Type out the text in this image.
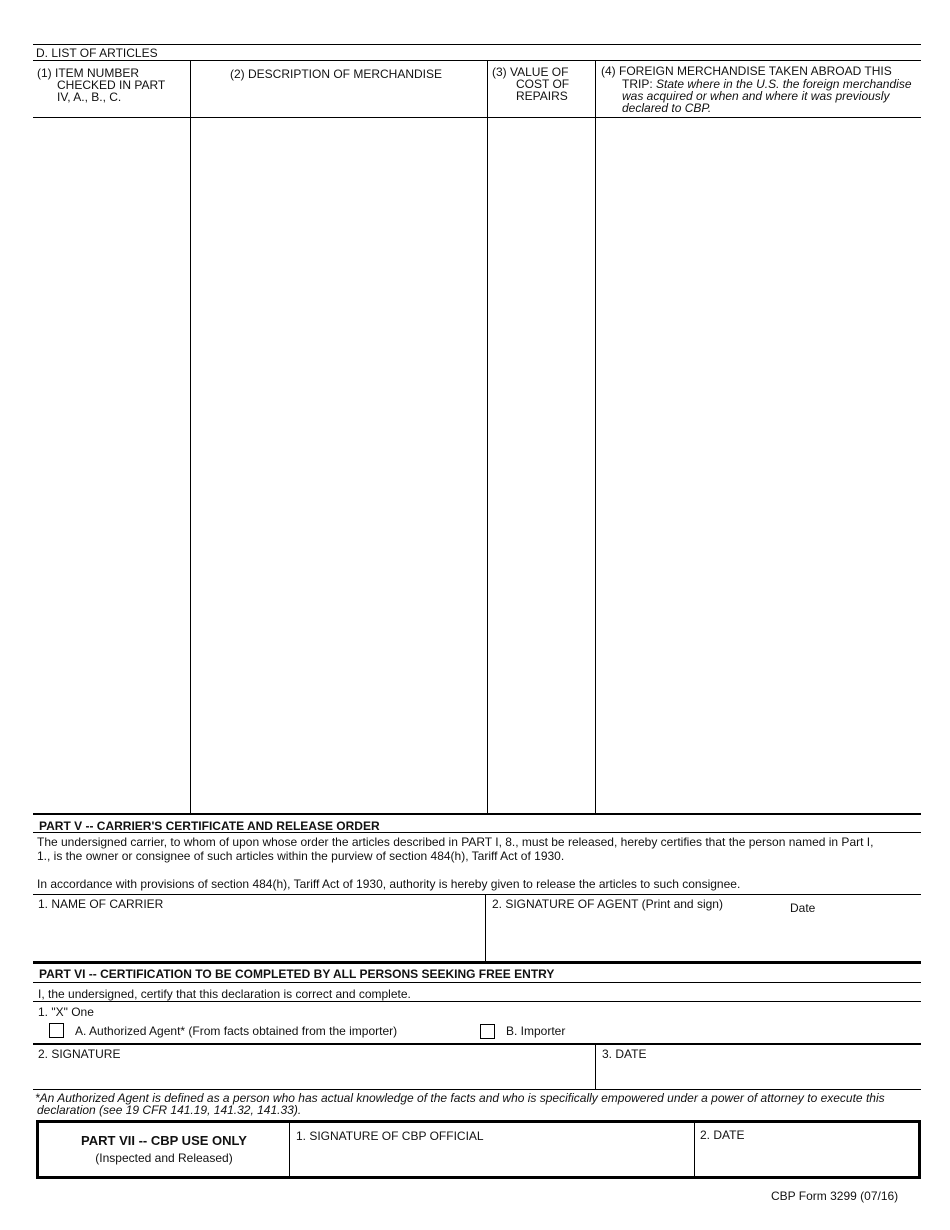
D. LIST OF ARTICLES
(1) ITEM NUMBER
CHECKED IN PART
IV, A., B., C.
(2) DESCRIPTION OF MERCHANDISE	(3) VALUE OF
COST OF
REPAIRS
(4) FOREIGN MERCHANDISE TAKEN ABROAD THIS
TRIP: State where in the U.S. the foreign merchandise
was acquired or when and where it was previously
declared to CBP.
PART V -- CARRIER'S CERTIFICATE AND RELEASE ORDER
The undersigned carrier, to whom of upon whose order the articles described in PART I, 8., must be released, hereby certifies that the person named in Part I,
1., is the owner or consignee of such articles within the purview of section 484(h), Tariff Act of 1930.
In accordance with provisions of section 484(h), Tariff Act of 1930, authority is hereby given to release the articles to such consignee.
1. NAME OF CARRIER	2. SIGNATURE OF AGENT (Print and sign)	Date
PART VI -- CERTIFICATION TO BE COMPLETED BY ALL PERSONS SEEKING FREE ENTRY
I, the undersigned, certify that this declaration is correct and complete.
1. "X" One
A. Authorized Agent* (From facts obtained from the importer)	B. Importer
2. SIGNATURE	3. DATE
*An Authorized Agent is defined as a person who has actual knowledge of the facts and who is specifically empowered under a power of attorney to execute this
declaration (see 19 CFR 141.19, 141.32, 141.33).
PART VII -- CBP USE ONLY
(Inspected and Released)
1. SIGNATURE OF CBP OFFICIAL	2. DATE
CBP Form 3299 (07/16)
